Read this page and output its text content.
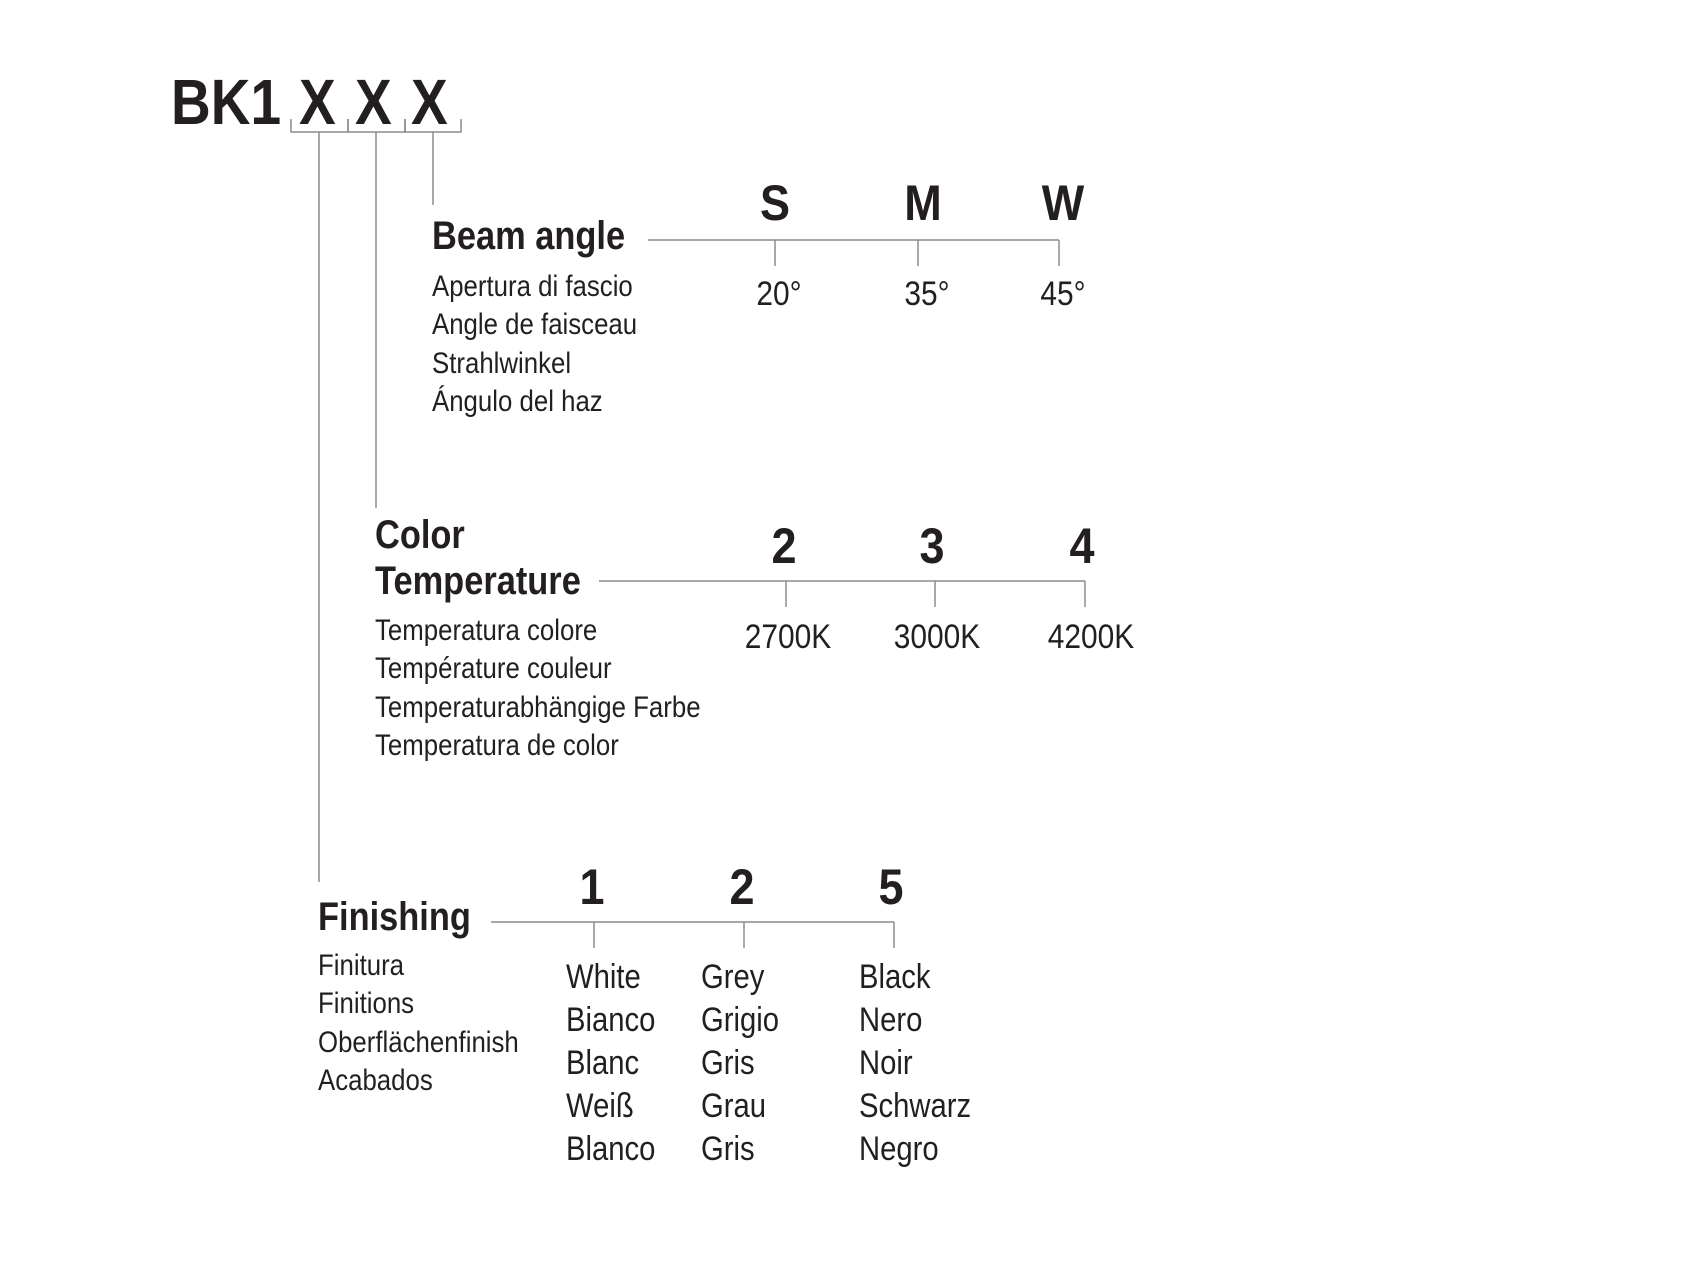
BK1 X X X
Beam angle
Apertura di fascio
Angle de faisceau
Strahlwinkel
Ángulo del haz
S M W
20°	35°	45°
Color
Temperature
Temperatura colore
Température couleur
Temperaturabhängige Farbe
Temperatura de color
2 3 4
2700K 3000K 4200K
Finishing
Finitura
Finitions
Oberflächenfinish
Acabados
1 2 5
White
Bianco
Blanc
Weiß
Blanco
Grey
Grigio
Gris
Grau
Gris
Black
Nero
Noir
Schwarz
Negro
